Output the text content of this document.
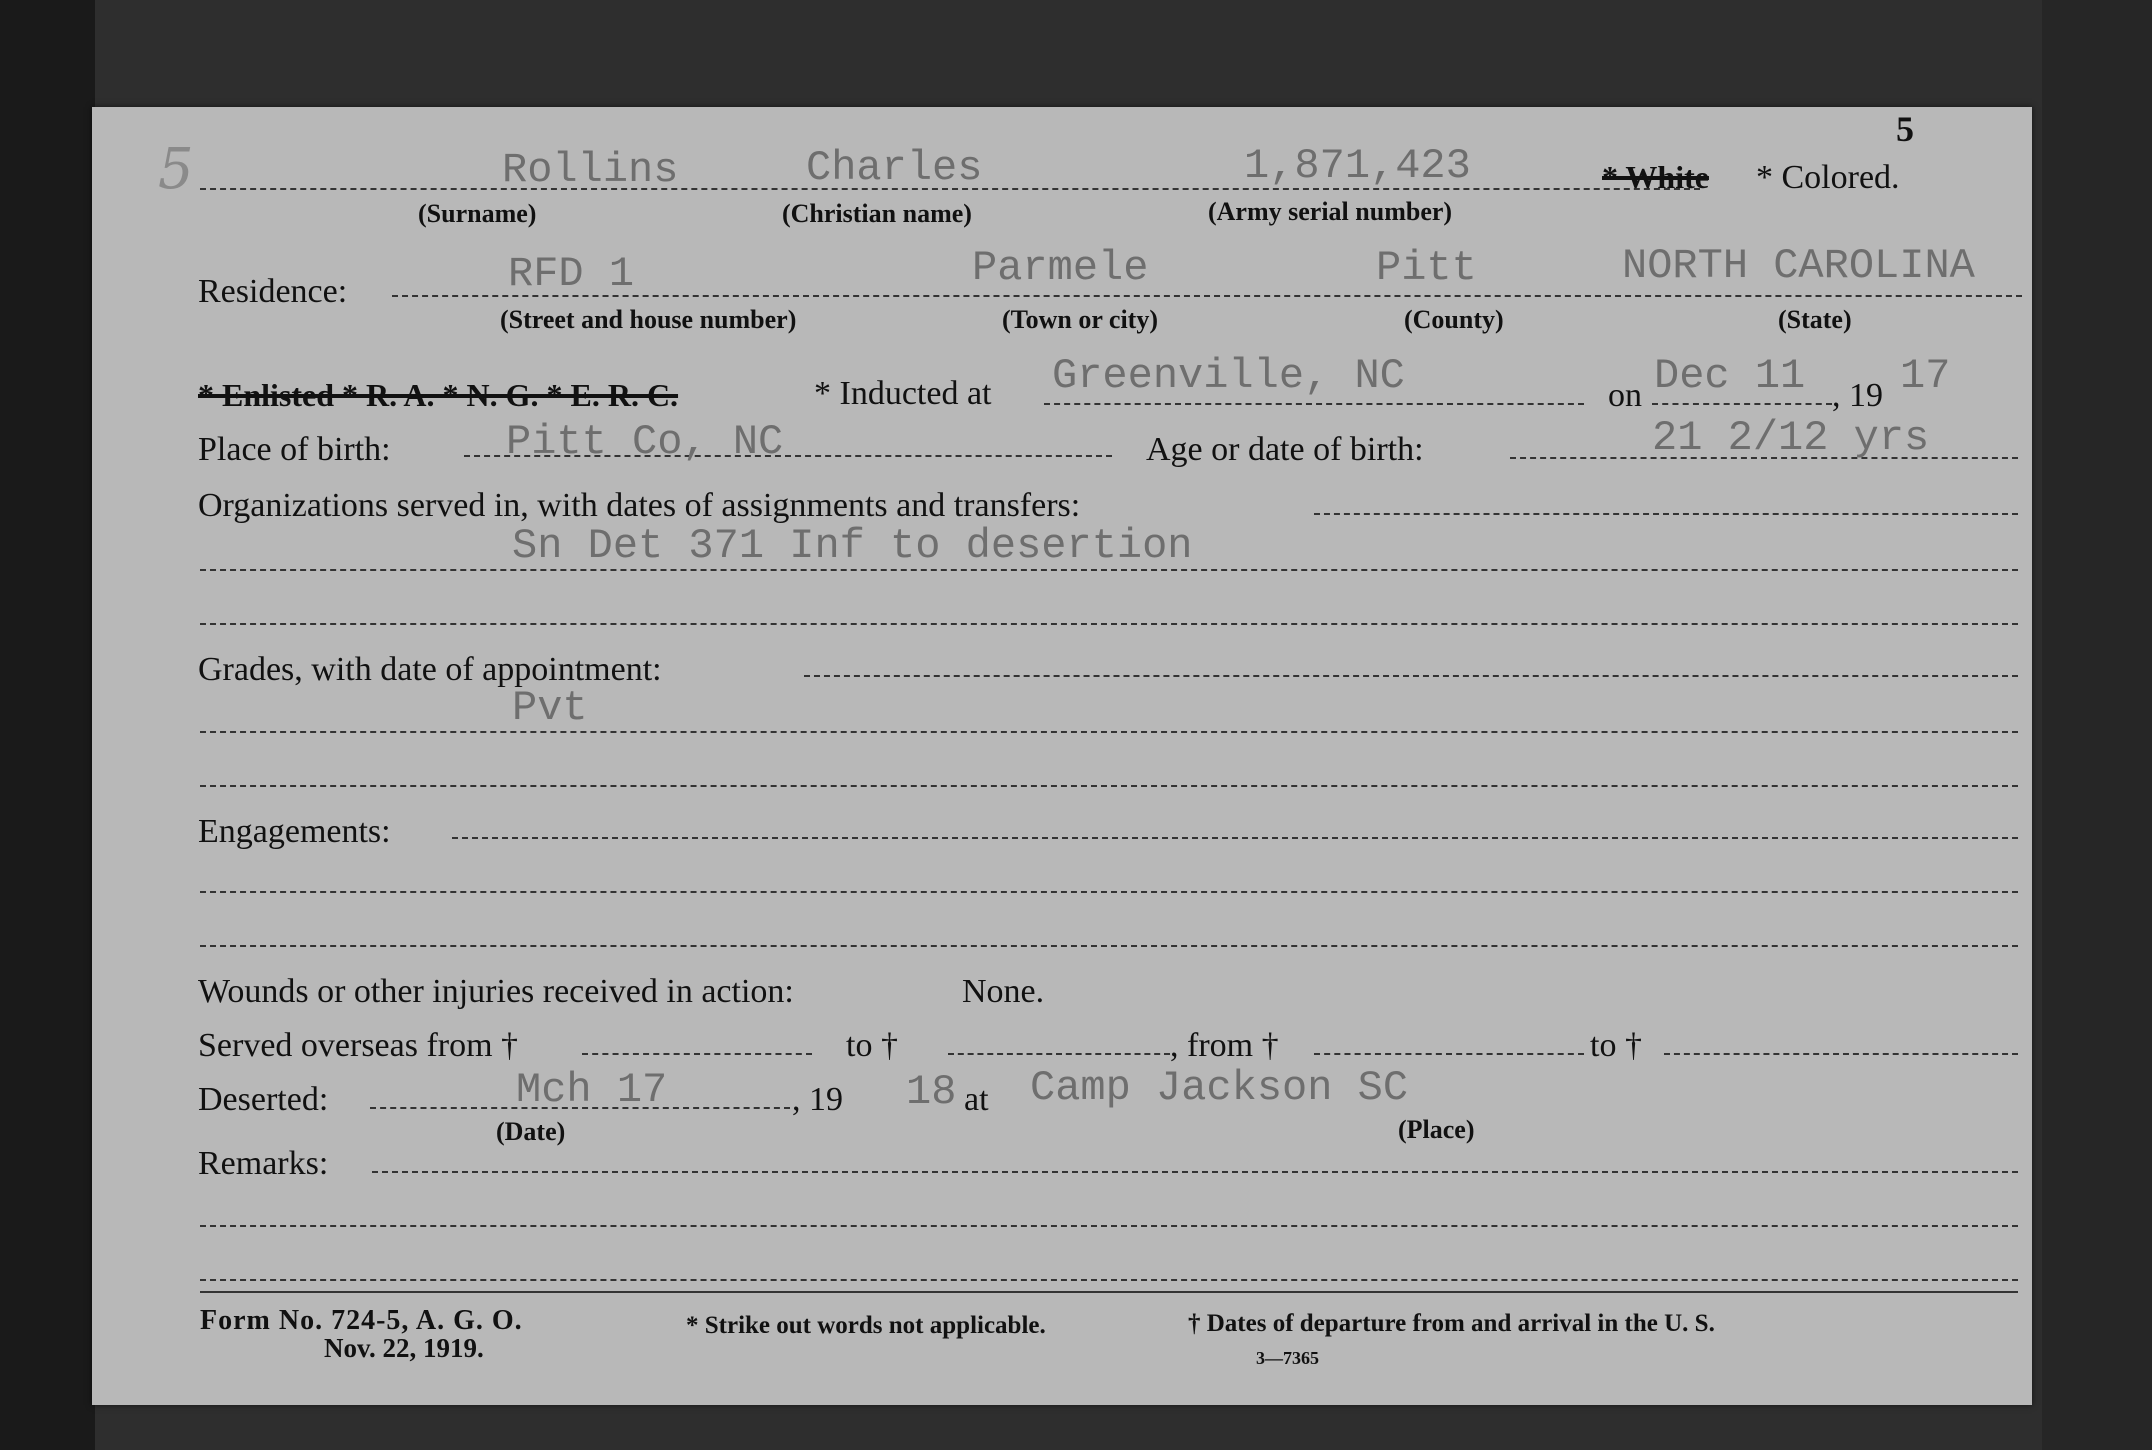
5
5
Rollins	Charles	1,871,423	* White * Colored.
(Surname)	(Christian name)	(Army serial number)
Residence:	RFD 1	Parmele	Pitt	NORTH CAROLINA
(Street and house number)	(Town or city)	(County)	(State)
* Enlisted * R. A. * N. G. * E. R. C.	* Inducted at Greenville, NC	on Dec 11 , 19 17
Place of birth:	Pitt Co, NC	Age or date of birth:	21 2/12 yrs
Organizations served in, with dates of assignments and transfers:
Sn Det 371 Inf to desertion
Grades, with date of appointment:
Pvt
Engagements:
Wounds or other injuries received in action:	None.
Served overseas from †	to †	, from †	to †
Deserted:	Mch 17	, 19 18 at Camp Jackson SC
(Date)	(Place)
Remarks:
Form No. 724-5, A. G. O.
Nov. 22, 1919.
* Strike out words not applicable.	† Dates of departure from and arrival in the U. S.
3—7365
